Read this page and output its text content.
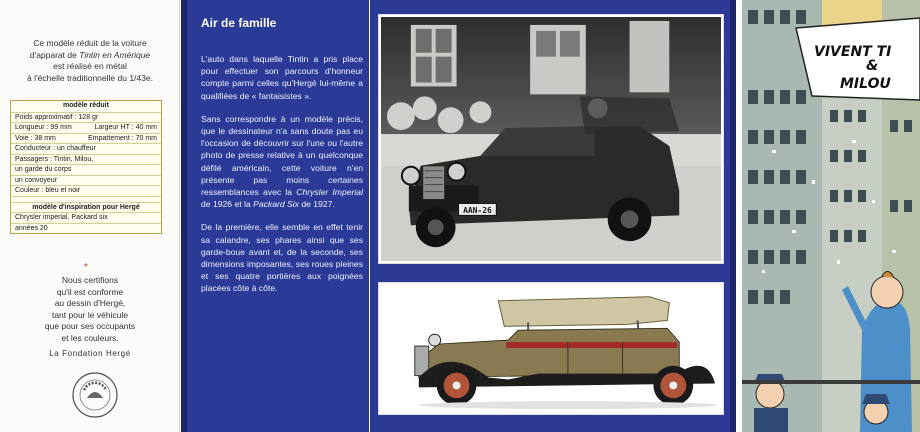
Ce modèle réduit de la voiture
d'apparat de Tintin en Amérique
est réalisé en métal
à l'échelle traditionnelle du 1/43e.
modèle réduit
Poids approximatif : 128 gr
Longueur : 99 mm	Largeur HT : 40 mm
Voie : 38 mm	Empattement : 70 mm
Conducteur : un chauffeur
Passagers : Tintin, Milou,
un garde du corps
un convoyeur
Couleur : bleu et noir
modèle d'inspiration pour Hergé
Chrysler imperial, Packard six
années 20
*
Nous certifions
qu'il est conforme
au dessin d'Hergé,
tant pour le véhicule
que pour ses occupants
et les couleurs.
La Fondation Hergé
Air de famille

L'auto dans laquelle Tintin a pris place pour effectuer son parcours d'honneur compte parmi celles qu'Hergé lui-même a qualifiées de « fantaisistes ».

Sans correspondre à un modèle précis, que le dessinateur n'a sans doute pas eu l'occasion de découvrir sur l'une ou l'autre photo de presse relative à un quelconque défilé américain, cette voiture n'en présente pas moins certaines ressemblances avec la Chrysler Imperial de 1926 et la Packard Six de 1927.

De la première, elle semble en effet tenir sa calandre, ses phares ainsi que ses garde-boue avant et, de la seconde, ses dimensions imposantes, ses roues pleines et ses quatre portières aux poignées placées côte à côte.

AAN-26
VIVENT TI
&
MILOU
